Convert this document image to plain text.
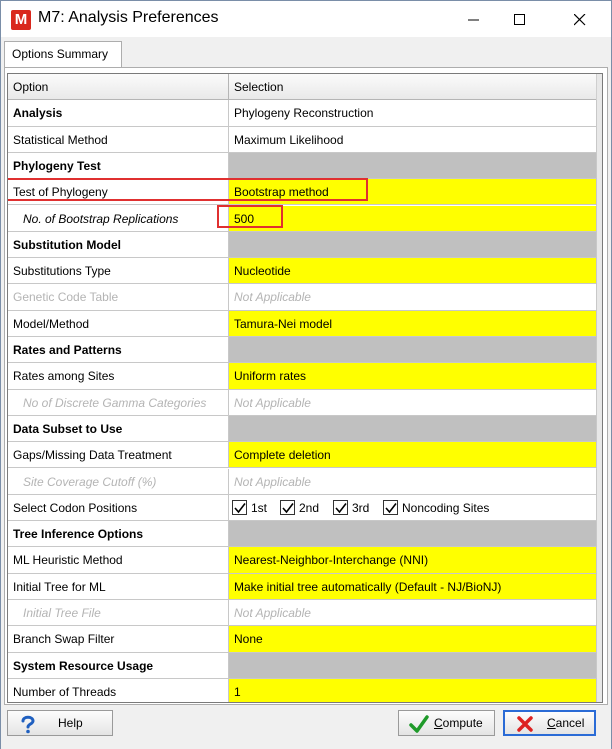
M M7: Analysis Preferences
Options Summary
Option	Selection
Analysis	Phylogeny Reconstruction
Statistical Method	Maximum Likelihood
Phylogeny Test
Test of Phylogeny	Bootstrap method
No. of Bootstrap Replications	500
Substitution Model
Substitutions Type	Nucleotide
Genetic Code Table	Not Applicable
Model/Method	Tamura-Nei model
Rates and Patterns
Rates among Sites	Uniform rates
No of Discrete Gamma Categories	Not Applicable
Data Subset to Use
Gaps/Missing Data Treatment	Complete deletion
Site Coverage Cutoff (%)	Not Applicable
Select Codon Positions	1st	2nd	3rd	Noncoding Sites
Tree Inference Options
ML Heuristic Method	Nearest-Neighbor-Interchange (NNI)
Initial Tree for ML	Make initial tree automatically (Default - NJ/BioNJ)
Initial Tree File	Not Applicable
Branch Swap Filter	None
System Resource Usage
Number of Threads	1
Help	Compute	Cancel
